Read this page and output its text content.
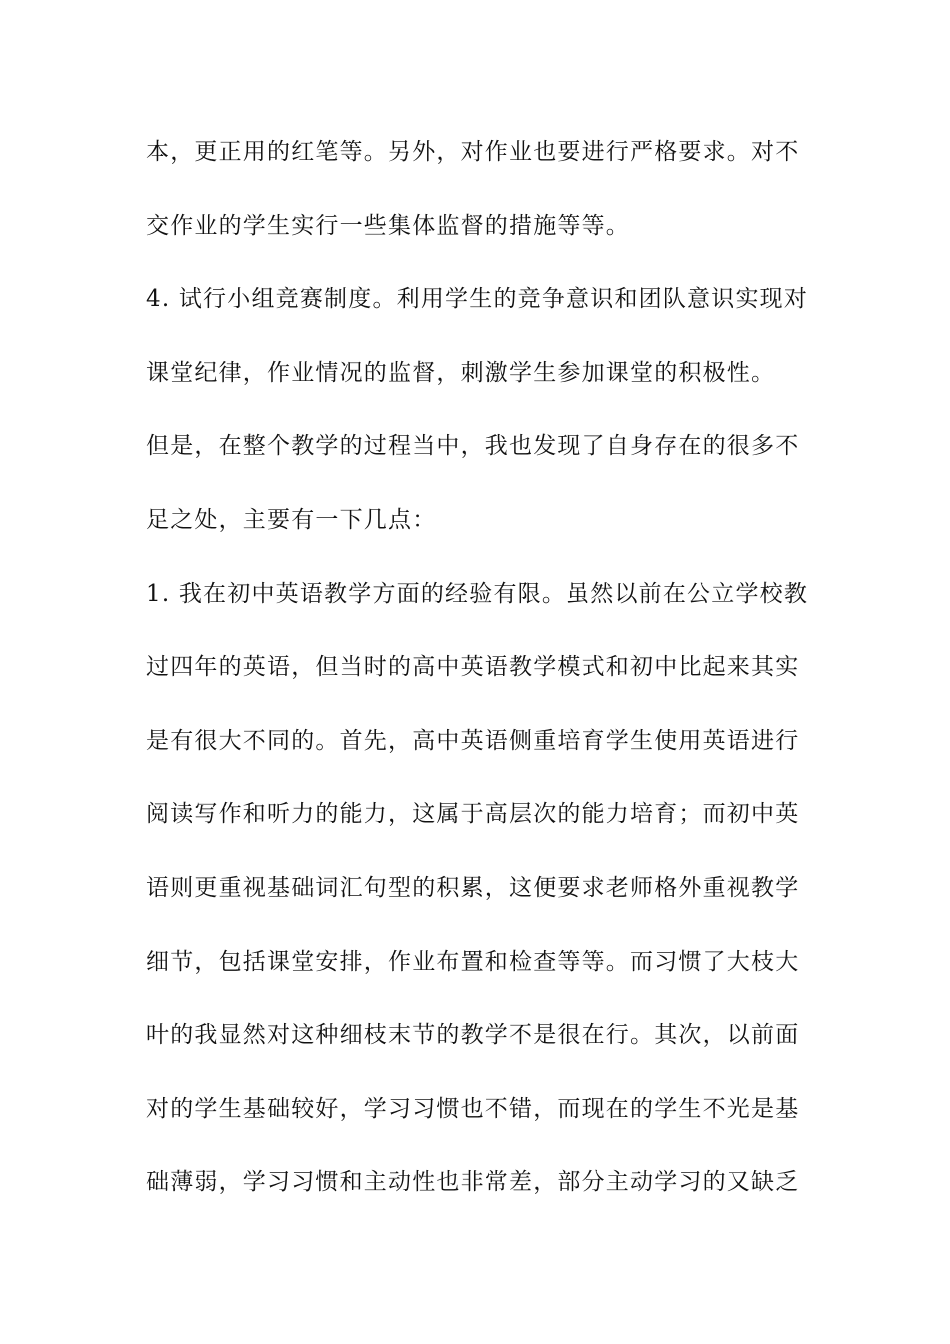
本，更正用的红笔等。另外，对作业也要进行严格要求。对不
交作业的学生实行一些集体监督的措施等等。
4. 试行小组竞赛制度。利用学生的竞争意识和团队意识实现对
课堂纪律，作业情况的监督，刺激学生参加课堂的积极性。
但是，在整个教学的过程当中，我也发现了自身存在的很多不
足之处，主要有一下几点：
1. 我在初中英语教学方面的经验有限。虽然以前在公立学校教
过四年的英语，但当时的高中英语教学模式和初中比起来其实
是有很大不同的。首先，高中英语侧重培育学生使用英语进行
阅读写作和听力的能力，这属于高层次的能力培育；而初中英
语则更重视基础词汇句型的积累，这便要求老师格外重视教学
细节，包括课堂安排，作业布置和检查等等。而习惯了大枝大
叶的我显然对这种细枝末节的教学不是很在行。其次，以前面
对的学生基础较好，学习习惯也不错，而现在的学生不光是基
础薄弱，学习习惯和主动性也非常差，部分主动学习的又缺乏
